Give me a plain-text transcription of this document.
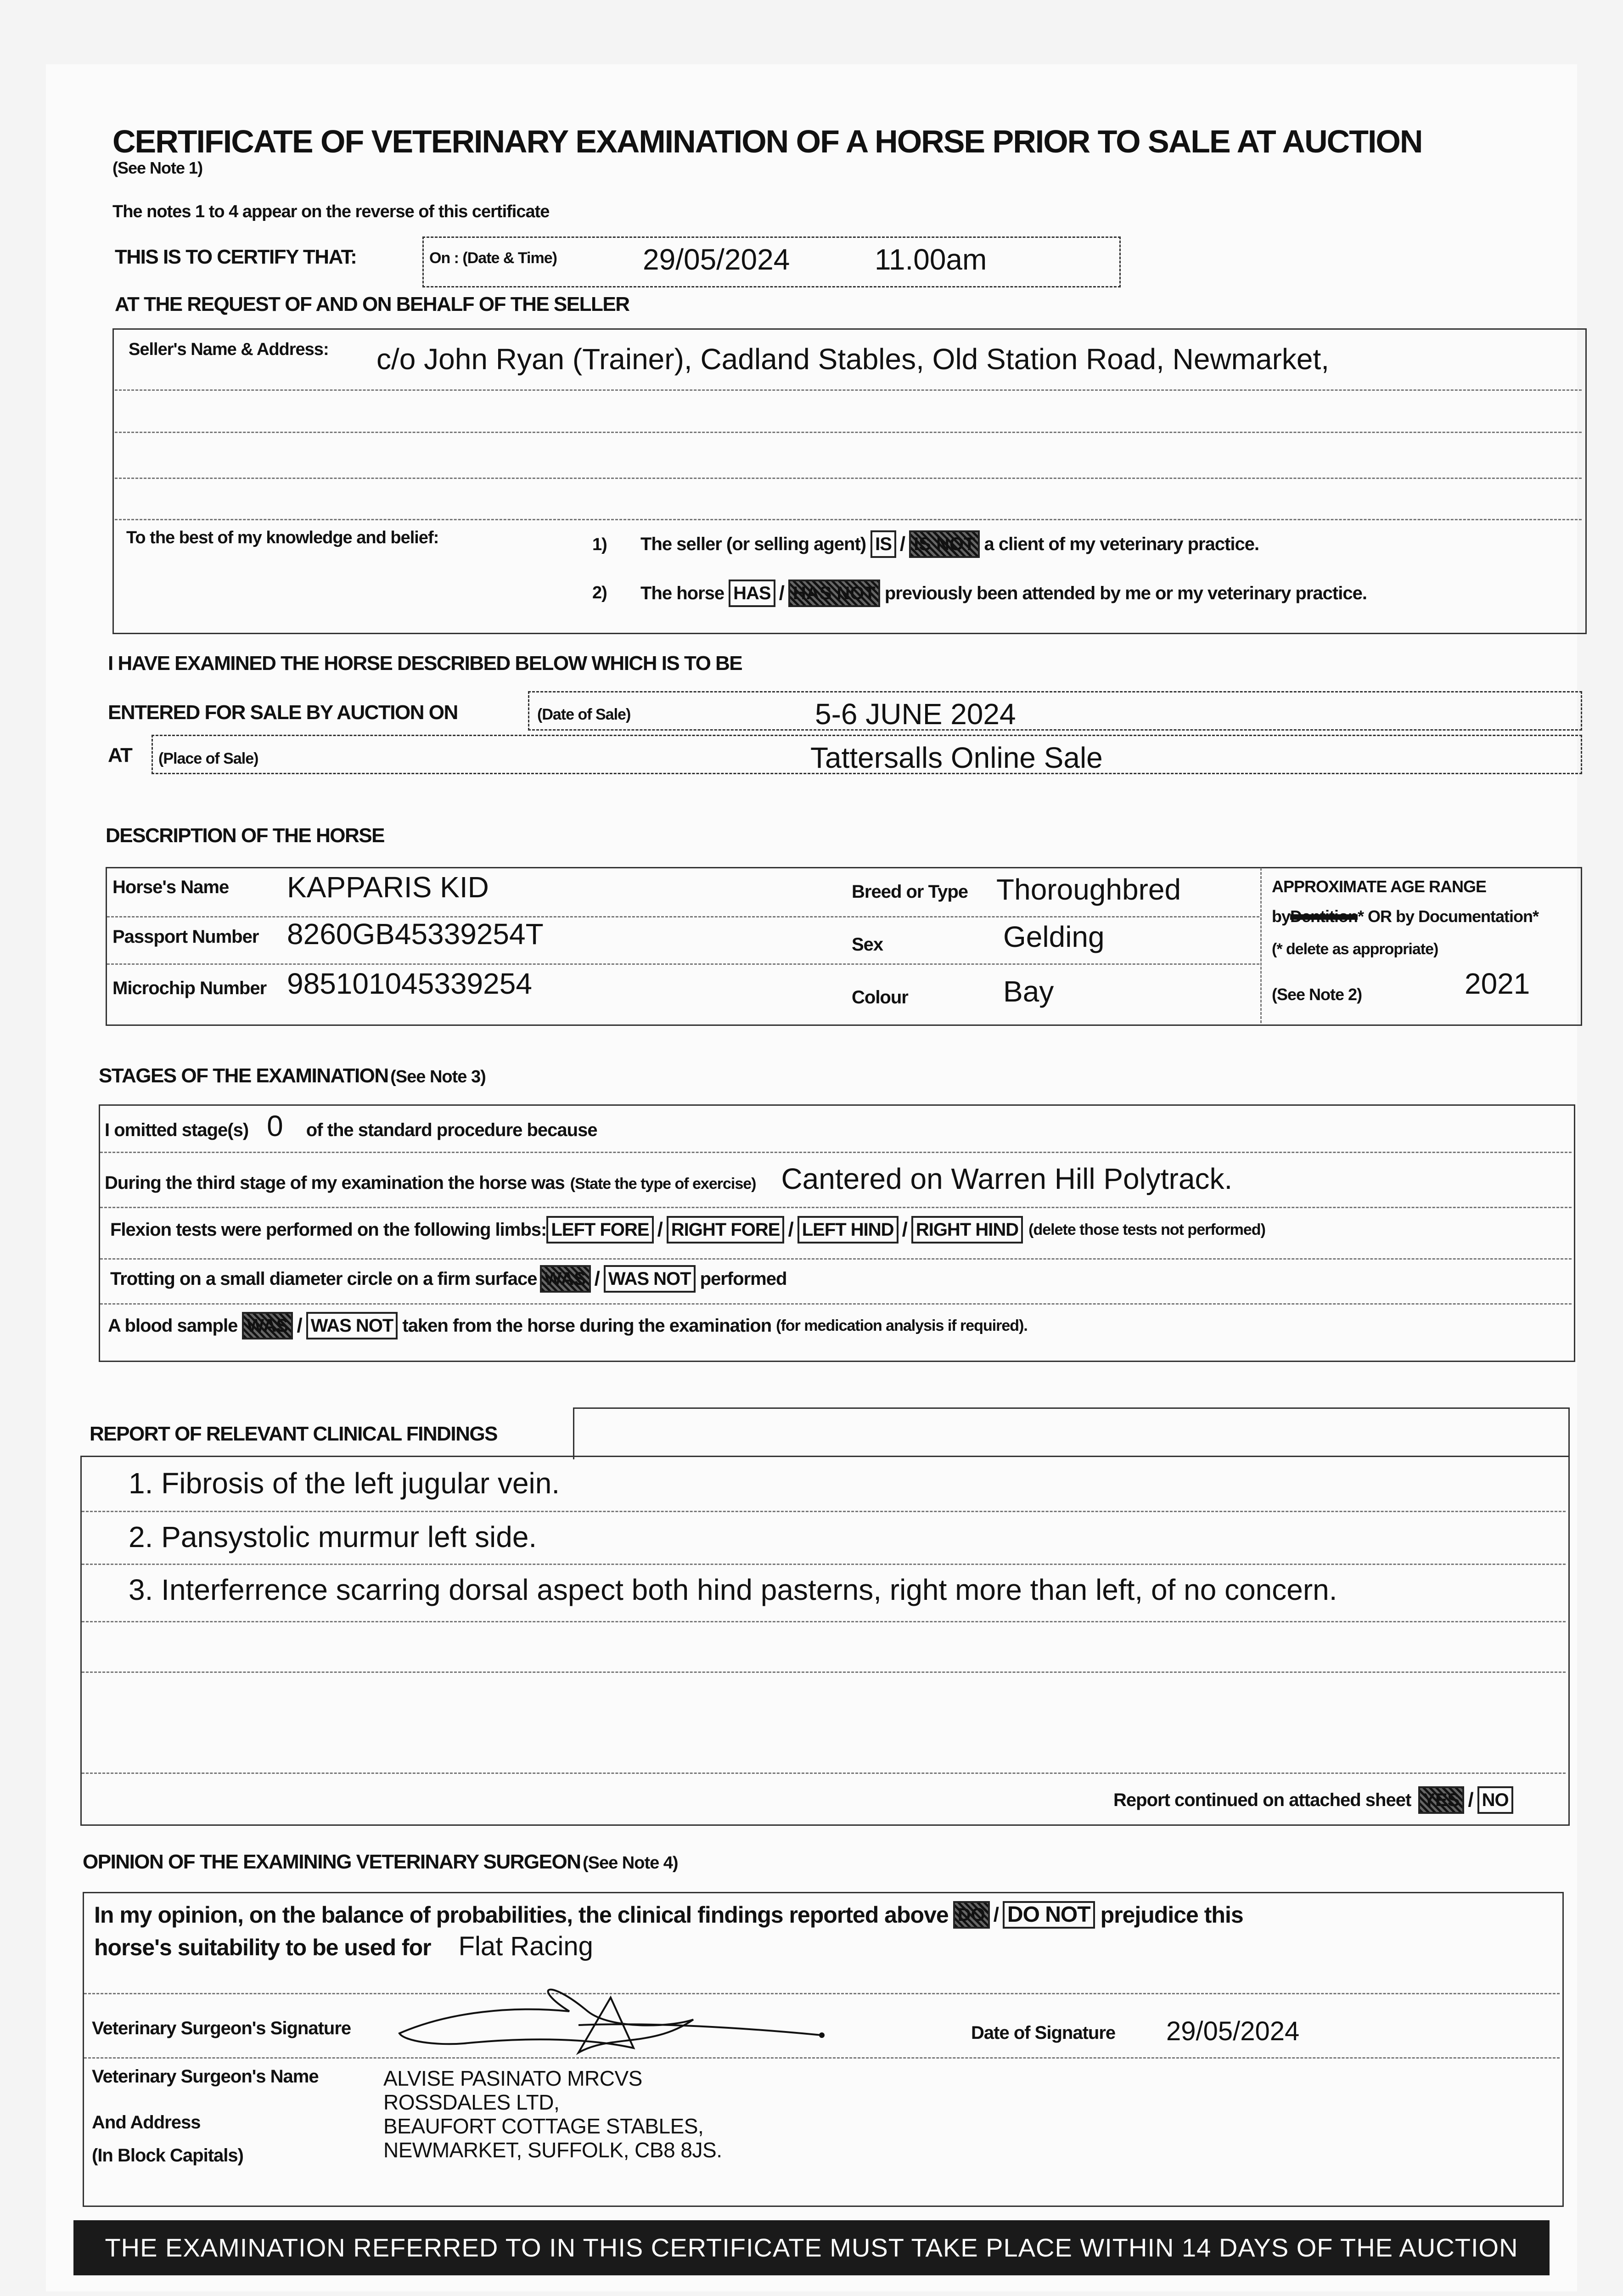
CERTIFICATE OF VETERINARY EXAMINATION OF A HORSE PRIOR TO SALE AT AUCTION
(See Note 1)
The notes 1 to 4 appear on the reverse of this certificate
THIS IS TO CERTIFY THAT:	On : (Date & Time)	29/05/2024	11.00am
AT THE REQUEST OF AND ON BEHALF OF THE SELLER
Seller's Name & Address: c/o John Ryan (Trainer), Cadland Stables, Old Station Road, Newmarket,
To the best of my knowledge and belief:	1) The seller (or selling agent) IS / IS NOT a client of my veterinary practice.
2) The horse HAS / HAS NOT previously been attended by me or my veterinary practice.
I HAVE EXAMINED THE HORSE DESCRIBED BELOW WHICH IS TO BE
ENTERED FOR SALE BY AUCTION ON	(Date of Sale)	5-6 JUNE 2024
AT (Place of Sale)	Tattersalls Online Sale
DESCRIPTION OF THE HORSE
Horse's Name KAPPARIS KID
Passport Number 8260GB45339254T
Microchip Number 985101045339254
Breed or Type Thoroughbred
Sex	Gelding
Colour	Bay
APPROXIMATE AGE RANGE
by Dentition * OR by Documentation*
(* delete as appropriate)
(See Note 2)	2021
STAGES OF THE EXAMINATION (See Note 3)
I omitted stage(s) 0 of the standard procedure because
During the third stage of my examination the horse was (State the type of exercise) Cantered on Warren Hill Polytrack.
Flexion tests were performed on the following limbs: LEFT FORE / RIGHT FORE / LEFT HIND / RIGHT HIND (delete those tests not performed)
Trotting on a small diameter circle on a firm surface WAS / WAS NOT performed
A blood sample WAS / WAS NOT taken from the horse during the examination (for medication analysis if required).
REPORT OF RELEVANT CLINICAL FINDINGS
1. Fibrosis of the left jugular vein.
2. Pansystolic murmur left side.
3. Interferrence scarring dorsal aspect both hind pasterns, right more than left, of no concern.
Report continued on attached sheet YES / NO
OPINION OF THE EXAMINING VETERINARY SURGEON (See Note 4)
In my opinion, on the balance of probabilities, the clinical findings reported above DO / DO NOT prejudice this
horse's suitability to be used for Flat Racing
Veterinary Surgeon's Signature	Date of Signature 29/05/2024
Veterinary Surgeon's Name
And Address
(In Block Capitals)
ALVISE PASINATO MRCVS
ROSSDALES LTD,
BEAUFORT COTTAGE STABLES,
NEWMARKET, SUFFOLK, CB8 8JS.
THE EXAMINATION REFERRED TO IN THIS CERTIFICATE MUST TAKE PLACE WITHIN 14 DAYS OF THE AUCTION
